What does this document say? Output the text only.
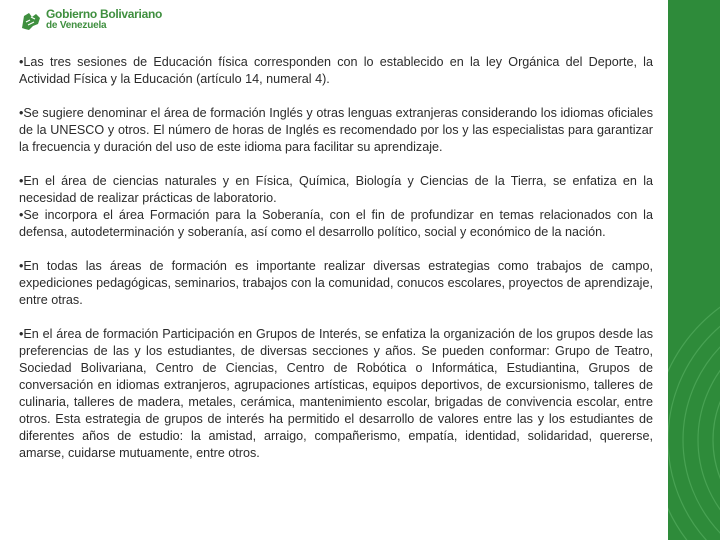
Gobierno Bolivariano
de Venezuela

•Las tres sesiones de Educación física corresponden con lo establecido en la ley Orgánica del Deporte, la Actividad Física y la Educación (artículo 14, numeral 4).

•Se sugiere denominar el área de formación Inglés y otras lenguas extranjeras considerando los idiomas oficiales de la UNESCO y otros. El número de horas de Inglés es recomendado por los y las especialistas para garantizar la frecuencia y duración del uso de este idioma para facilitar su aprendizaje.

•En el área de ciencias naturales y en Física, Química, Biología y Ciencias de la Tierra, se enfatiza en la necesidad de realizar prácticas de laboratorio.

•Se incorpora el área Formación para la Soberanía, con el fin de profundizar en temas relacionados con la defensa, autodeterminación y soberanía, así como el desarrollo político, social y económico de la nación.

•En todas las áreas de formación es importante realizar diversas estrategias como trabajos de campo, expediciones pedagógicas, seminarios, trabajos con la comunidad, conucos escolares, proyectos de aprendizaje, entre otras.

•En el área de formación Participación en Grupos de Interés, se enfatiza la organización de los grupos desde las preferencias de las y los estudiantes, de diversas secciones y años. Se pueden conformar: Grupo de Teatro, Sociedad Bolivariana, Centro de Ciencias, Centro de Robótica o Informática, Estudiantina, Grupos de conversación en idiomas extranjeros, agrupaciones artísticas, equipos deportivos, de excursionismo, talleres de culinaria, talleres de madera, metales, cerámica, mantenimiento escolar, brigadas de convivencia escolar, entre otros. Esta estrategia de grupos de interés ha permitido el desarrollo de valores entre las y los estudiantes de diferentes años de estudio: la amistad, arraigo, compañerismo, empatía, identidad, solidaridad, quererse, amarse, cuidarse mutuamente, entre otros.
